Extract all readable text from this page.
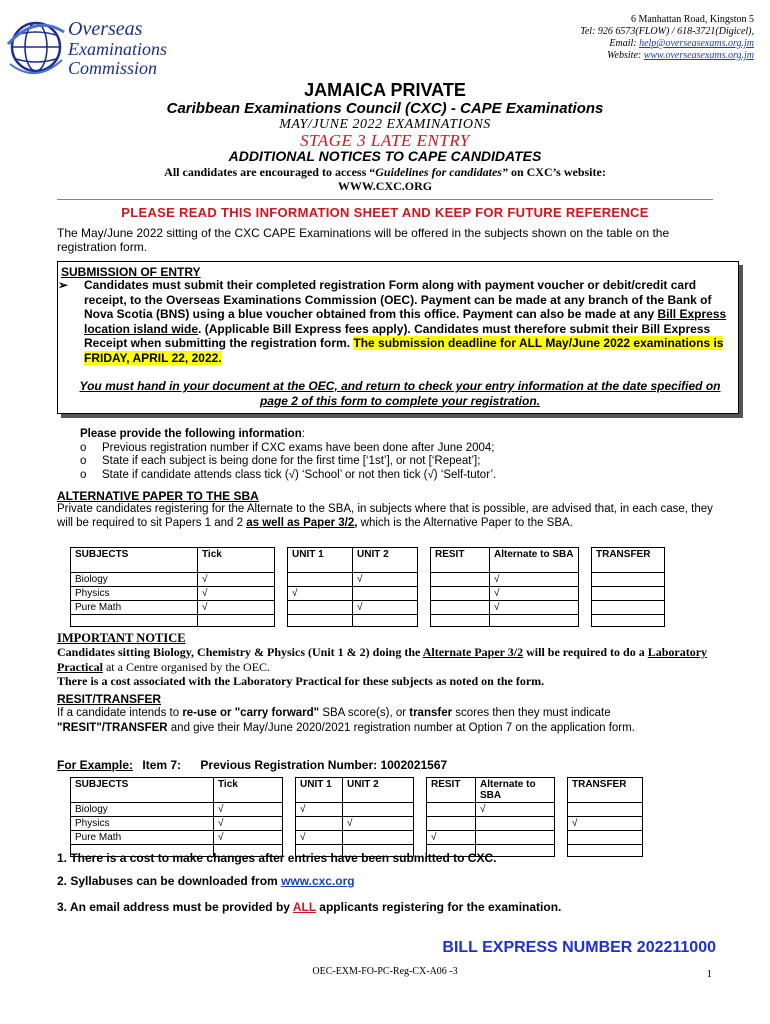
Overseas
Examinations
Commission
6 Manhattan Road, Kingston 5
Tel: 926 6573(FLOW) / 618-3721(Digicel),
Email: help@overseasexams.org.jm
Website: www.overseasexams.org.jm
JAMAICA PRIVATE
Caribbean Examinations Council (CXC) - CAPE Examinations
MAY/JUNE 2022 EXAMINATIONS
STAGE 3 LATE ENTRY
ADDITIONAL NOTICES TO CAPE CANDIDATES
All candidates are encouraged to access “Guidelines for candidates” on CXC’s website:
WWW.CXC.ORG
PLEASE READ THIS INFORMATION SHEET AND KEEP FOR FUTURE REFERENCE
The May/June 2022 sitting of the CXC CAPE Examinations will be offered in the subjects shown on the table on the registration form.
SUBMISSION OF ENTRY
➢ Candidates must submit their completed registration Form along with payment voucher or debit/credit card receipt, to the Overseas Examinations Commission (OEC). Payment can be made at any branch of the Bank of Nova Scotia (BNS) using a blue voucher obtained from this office. Payment can also be made at any Bill Express location island wide. (Applicable Bill Express fees apply). Candidates must therefore submit their Bill Express Receipt when submitting the registration form. The submission deadline for ALL May/June 2022 examinations is FRIDAY, APRIL 22, 2022.
You must hand in your document at the OEC, and return to check your entry information at the date specified on page 2 of this form to complete your registration.
Please provide the following information:
o Previous registration number if CXC exams have been done after June 2004;
o State if each subject is being done for the first time [‘1st’], or not [‘Repeat’];
o State if candidate attends class tick (√) ‘School’ or not then tick (√) ‘Self-tutor’.
ALTERNATIVE PAPER TO THE SBA
Private candidates registering for the Alternate to the SBA, in subjects where that is possible, are advised that, in each case, they will be required to sit Papers 1 and 2 as well as Paper 3/2, which is the Alternative Paper to the SBA.
SUBJECTS	Tick		UNIT 1	UNIT 2		RESIT	Alternate to SBA		TRANSFER
Biology	√			√			√		
Physics	√		√				√		
Pure Math	√			√			√		

IMPORTANT NOTICE
Candidates sitting Biology, Chemistry & Physics (Unit 1 & 2) doing the Alternate Paper 3/2 will be required to do a Laboratory Practical at a Centre organised by the OEC.
There is a cost associated with the Laboratory Practical for these subjects as noted on the form.
RESIT/TRANSFER
If a candidate intends to re-use or "carry forward" SBA score(s), or transfer scores then they must indicate "RESIT"/TRANSFER and give their May/June 2020/2021 registration number at Option 7 on the application form.
For Example: Item 7: Previous Registration Number: 1002021567
SUBJECTS	Tick		UNIT 1	UNIT 2		RESIT	Alternate to SBA		TRANSFER
Biology	√		√				√		
Physics	√			√					√
Pure Math	√		√			√			

1. There is a cost to make changes after entries have been submitted to CXC.
2. Syllabuses can be downloaded from www.cxc.org
3. An email address must be provided by ALL applicants registering for the examination.
BILL EXPRESS NUMBER 202211000
OEC-EXM-FO-PC-Reg-CX-A06 -3	1
